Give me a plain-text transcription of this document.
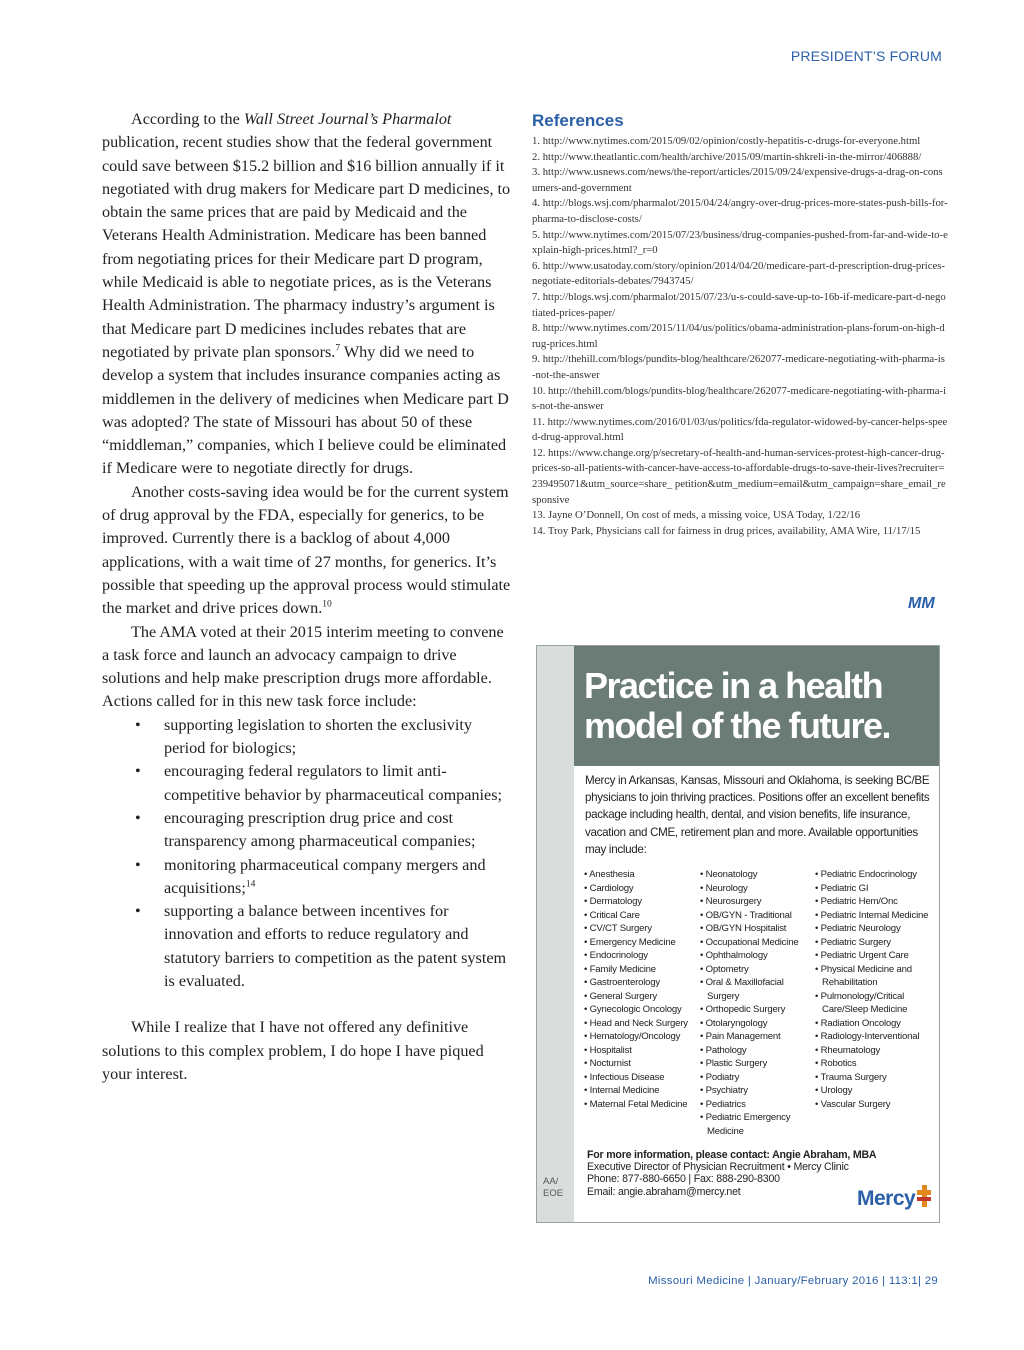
PRESIDENT’S FORUM

According to the Wall Street Journal’s Pharmalot publication, recent studies show that the federal government could save between $15.2 billion and $16 billion annually if it negotiated with drug makers for Medicare part D medicines, to obtain the same prices that are paid by Medicaid and the Veterans Health Administration. Medicare has been banned from negotiating prices for their Medicare part D program, while Medicaid is able to negotiate prices, as is the Veterans Health Administration. The pharmacy industry’s argument is that Medicare part D medicines includes rebates that are negotiated by private plan sponsors.$^7$ Why did we need to develop a system that includes insurance companies acting as middlemen in the delivery of medicines when Medicare part D was adopted? The state of Missouri has about 50 of these “middleman,” companies, which I believe could be eliminated if Medicare were to negotiate directly for drugs.

Another costs-saving idea would be for the current system of drug approval by the FDA, especially for generics, to be improved. Currently there is a backlog of about 4,000 applications, with a wait time of 27 months, for generics. It’s possible that speeding up the approval process would stimulate the market and drive prices down.$^{10}$

The AMA voted at their 2015 interim meeting to convene a task force and launch an advocacy campaign to drive solutions and help make prescription drugs more affordable. Actions called for in this new task force include:

• supporting legislation to shorten the exclusivity period for biologics;
• encouraging federal regulators to limit anti-competitive behavior by pharmaceutical companies;
• encouraging prescription drug price and cost transparency among pharmaceutical companies;
• monitoring pharmaceutical company mergers and acquisitions;$^{14}$
• supporting a balance between incentives for innovation and efforts to reduce regulatory and statutory barriers to competition as the patent system is evaluated.

While I realize that I have not offered any definitive solutions to this complex problem, I do hope I have piqued your interest.

References
1. http://www.nytimes.com/2015/09/02/opinion/costly-hepatitis-c-drugs-for-everyone.html
2. http://www.theatlantic.com/health/archive/2015/09/martin-shkreli-in-the-mirror/406888/
3. http://www.usnews.com/news/the-report/articles/2015/09/24/expensive-drugs-a-drag-on-consumers-and-government
4. http://blogs.wsj.com/pharmalot/2015/04/24/angry-over-drug-prices-more-states-push-bills-for-pharma-to-disclose-costs/
5. http://www.nytimes.com/2015/07/23/business/drug-companies-pushed-from-far-and-wide-to-explain-high-prices.html?_r=0
6. http://www.usatoday.com/story/opinion/2014/04/20/medicare-part-d-prescription-drug-prices-negotiate-editorials-debates/7943745/
7. http://blogs.wsj.com/pharmalot/2015/07/23/u-s-could-save-up-to-16b-if-medicare-part-d-negotiated-prices-paper/
8. http://www.nytimes.com/2015/11/04/us/politics/obama-administration-plans-forum-on-high-drug-prices.html
9. http://thehill.com/blogs/pundits-blog/healthcare/262077-medicare-negotiating-with-pharma-is-not-the-answer
10. http://thehill.com/blogs/pundits-blog/healthcare/262077-medicare-negotiating-with-pharma-is-not-the-answer
11. http://www.nytimes.com/2016/01/03/us/politics/fda-regulator-widowed-by-cancer-helps-speed-drug-approval.html
12. https://www.change.org/p/secretary-of-health-and-human-services-protest-high-cancer-drug-prices-so-all-patients-with-cancer-have-access-to-affordable-drugs-to-save-their-lives?recruiter=239495071&utm_source=share_ petition&utm_medium=email&utm_campaign=share_email_responsive
13. Jayne O’Donnell, On cost of meds, a missing voice, USA Today, 1/22/16
14. Troy Park, Physicians call for fairness in drug prices, availability, AMA Wire, 11/17/15
MM
AA/
EOE
Practice in a health
model of the future.
Mercy in Arkansas, Kansas, Missouri and Oklahoma, is seeking BC/BE physicians to join thriving practices. Positions offer an excellent benefits package including health, dental, and vision benefits, life insurance, vacation and CME, retirement plan and more. Available opportunities may include:
• Anesthesia
• Cardiology
• Dermatology
• Critical Care
• CV/CT Surgery
• Emergency Medicine
• Endocrinology
• Family Medicine
• Gastroenterology
• General Surgery
• Gynecologic Oncology
• Head and Neck Surgery
• Hematology/Oncology
• Hospitalist
• Nocturnist
• Infectious Disease
• Internal Medicine
• Maternal Fetal Medicine
• Neonatology
• Neurology
• Neurosurgery
• OB/GYN - Traditional
• OB/GYN Hospitalist
• Occupational Medicine
• Ophthalmology
• Optometry
• Oral & Maxillofacial Surgery
• Orthopedic Surgery
• Otolaryngology
• Pain Management
• Pathology
• Plastic Surgery
• Podiatry
• Psychiatry
• Pediatrics
• Pediatric Emergency Medicine
• Pediatric Endocrinology
• Pediatric GI
• Pediatric Hem/Onc
• Pediatric Internal Medicine
• Pediatric Neurology
• Pediatric Surgery
• Pediatric Urgent Care
• Physical Medicine and Rehabilitation
• Pulmonology/Critical Care/Sleep Medicine
• Radiation Oncology
• Radiology-Interventional
• Rheumatology
• Robotics
• Trauma Surgery
• Urology
• Vascular Surgery
For more information, please contact: Angie Abraham, MBA
Executive Director of Physician Recruitment • Mercy Clinic
Phone: 877-880-6650 | Fax: 888-290-8300
Email: angie.abraham@mercy.net	Mercy
Missouri Medicine | January/February 2016 | 113:1| 29
